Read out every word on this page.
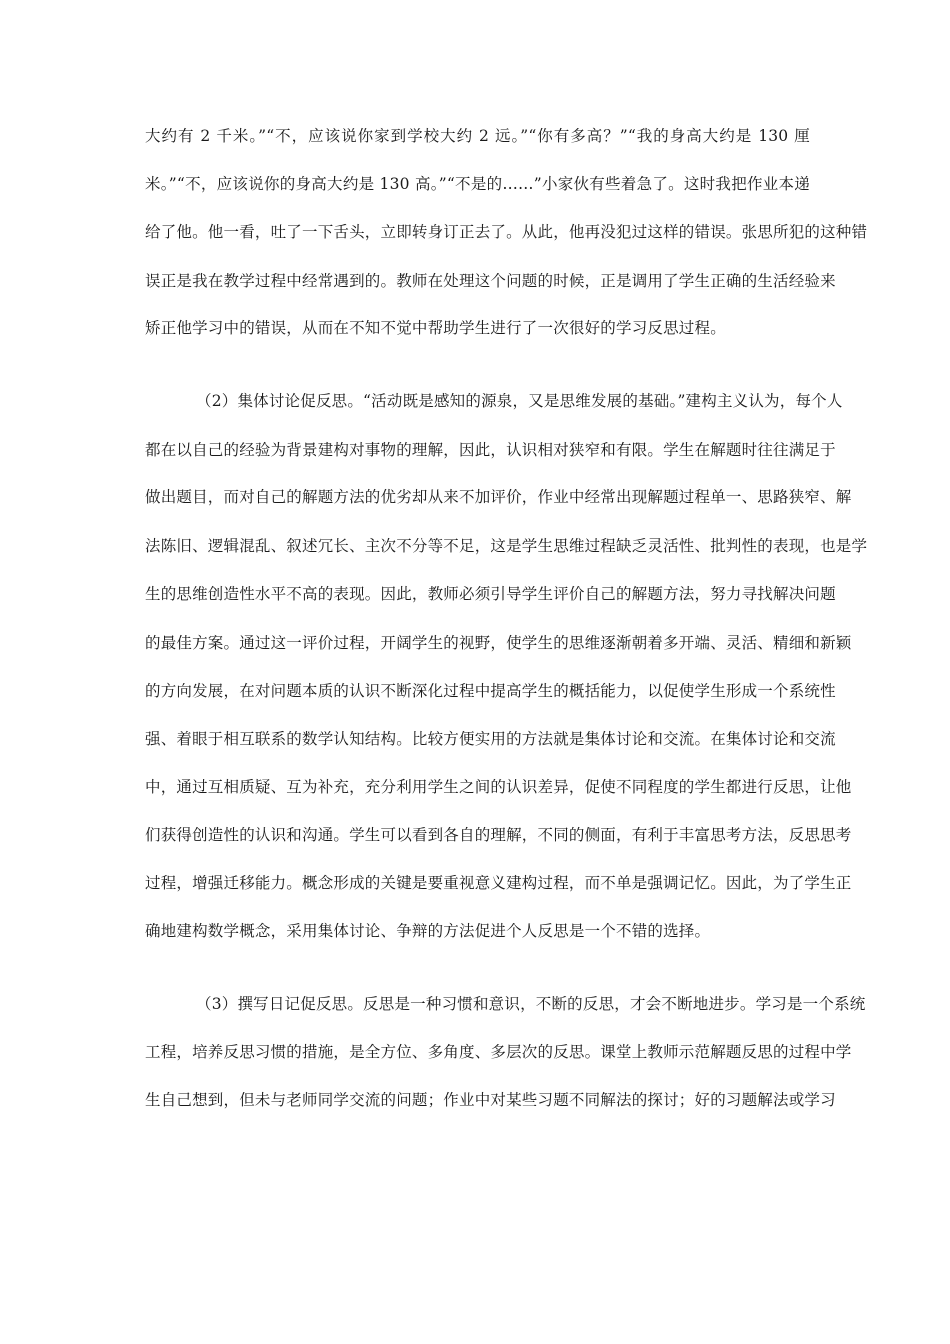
大约有 2 千米。”“不，应该说你家到学校大约 2 远。”“你有多高？”“我的身高大约是 130 厘
米。”“不，应该说你的身高大约是 130 高。”“不是的……”小家伙有些着急了。这时我把作业本递
给了他。他一看，吐了一下舌头，立即转身订正去了。从此，他再没犯过这样的错误。张思所犯的这种错
误正是我在教学过程中经常遇到的。教师在处理这个问题的时候，正是调用了学生正确的生活经验来
矫正他学习中的错误，从而在不知不觉中帮助学生进行了一次很好的学习反思过程。
（2）集体讨论促反思。“活动既是感知的源泉，又是思维发展的基础。”建构主义认为，每个人
都在以自己的经验为背景建构对事物的理解，因此，认识相对狭窄和有限。学生在解题时往往满足于
做出题目，而对自己的解题方法的优劣却从来不加评价，作业中经常出现解题过程单一、思路狭窄、解
法陈旧、逻辑混乱、叙述冗长、主次不分等不足，这是学生思维过程缺乏灵活性、批判性的表现，也是学
生的思维创造性水平不高的表现。因此，教师必须引导学生评价自己的解题方法，努力寻找解决问题
的最佳方案。通过这一评价过程，开阔学生的视野，使学生的思维逐渐朝着多开端、灵活、精细和新颖
的方向发展，在对问题本质的认识不断深化过程中提高学生的概括能力，以促使学生形成一个系统性
强、着眼于相互联系的数学认知结构。比较方便实用的方法就是集体讨论和交流。在集体讨论和交流
中，通过互相质疑、互为补充，充分利用学生之间的认识差异，促使不同程度的学生都进行反思，让他
们获得创造性的认识和沟通。学生可以看到各自的理解，不同的侧面，有利于丰富思考方法，反思思考
过程，增强迁移能力。概念形成的关键是要重视意义建构过程，而不单是强调记忆。因此，为了学生正
确地建构数学概念，采用集体讨论、争辩的方法促进个人反思是一个不错的选择。
（3）撰写日记促反思。反思是一种习惯和意识，不断的反思，才会不断地进步。学习是一个系统
工程，培养反思习惯的措施，是全方位、多角度、多层次的反思。课堂上教师示范解题反思的过程中学
生自己想到，但未与老师同学交流的问题；作业中对某些习题不同解法的探讨；好的习题解法或学习
